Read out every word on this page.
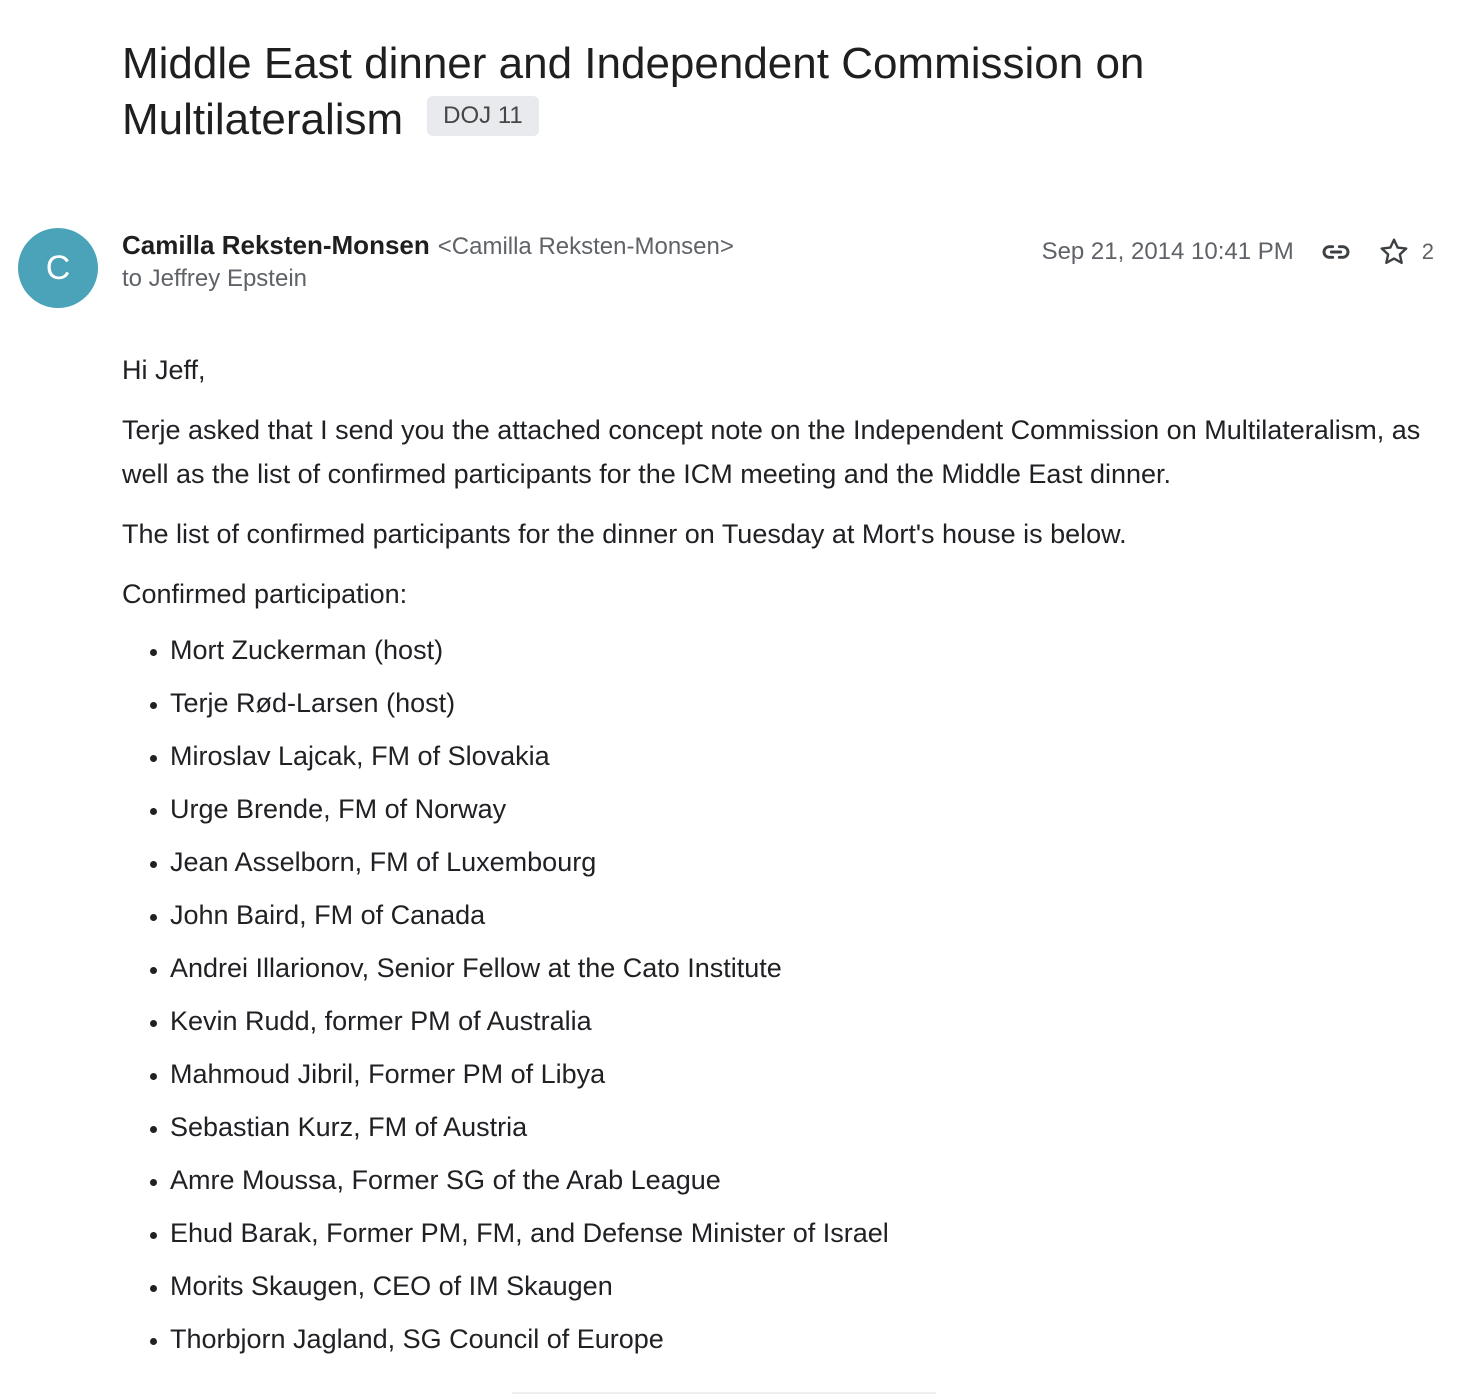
Middle East dinner and Independent Commission on Multilateralism DOJ 11
C
Camilla Reksten-Monsen <Camilla Reksten-Monsen>
to Jeffrey Epstein
Sep 21, 2014 10:41 PM	2

Hi Jeff,

Terje asked that I send you the attached concept note on the Independent Commission on Multilateralism, as well as the list of confirmed participants for the ICM meeting and the Middle East dinner.

The list of confirmed participants for the dinner on Tuesday at Mort's house is below.

Confirmed participation:

• Mort Zuckerman (host)
• Terje Rød-Larsen (host)
• Miroslav Lajcak, FM of Slovakia
• Urge Brende, FM of Norway
• Jean Asselborn, FM of Luxembourg
• John Baird, FM of Canada
• Andrei Illarionov, Senior Fellow at the Cato Institute
• Kevin Rudd, former PM of Australia
• Mahmoud Jibril, Former PM of Libya
• Sebastian Kurz, FM of Austria
• Amre Moussa, Former SG of the Arab League
• Ehud Barak, Former PM, FM, and Defense Minister of Israel
• Morits Skaugen, CEO of IM Skaugen
• Thorbjorn Jagland, SG Council of Europe
